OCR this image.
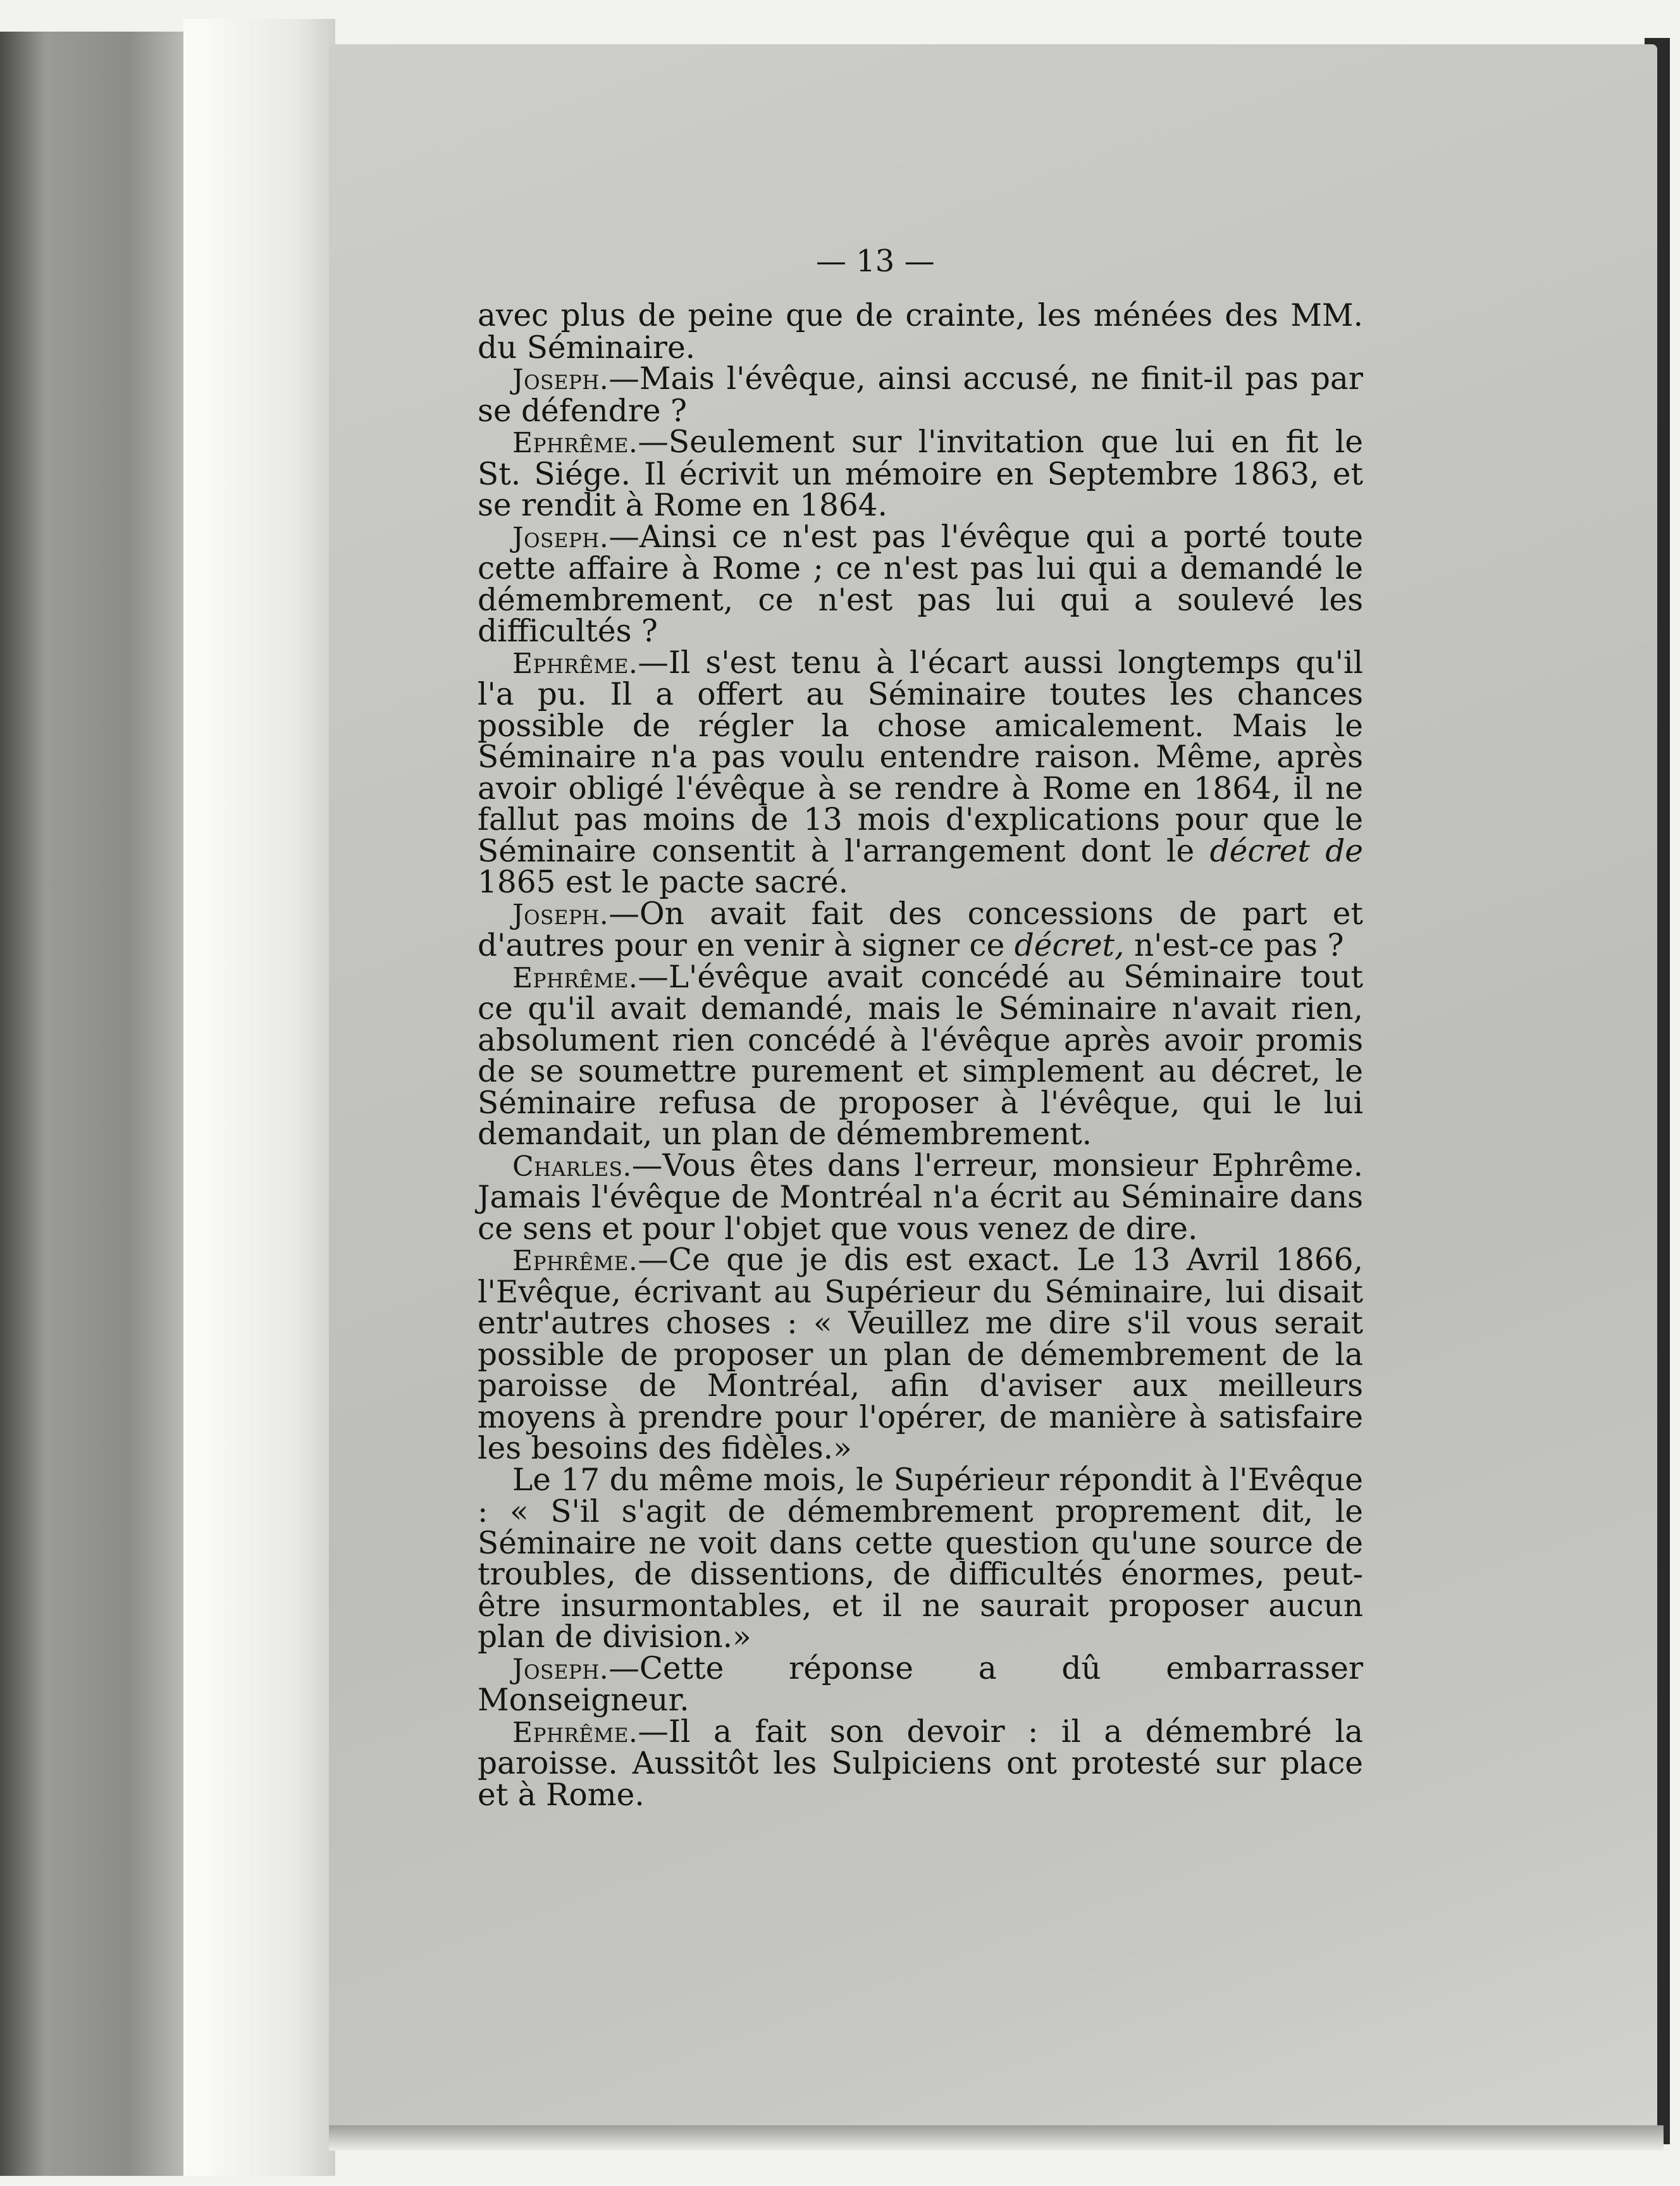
— 13 —

avec plus de peine que de crainte, les ménées des MM. du Séminaire.

Joseph.—Mais l'évêque, ainsi accusé, ne finit-il pas par se défendre ?

Ephrême.—Seulement sur l'invitation que lui en fit le St. Siége. Il écrivit un mémoire en Septembre 1863, et se rendit à Rome en 1864.

Joseph.—Ainsi ce n'est pas l'évêque qui a porté toute cette affaire à Rome ; ce n'est pas lui qui a demandé le démembrement, ce n'est pas lui qui a soulevé les difficultés ?

Ephrême.—Il s'est tenu à l'écart aussi longtemps qu'il l'a pu. Il a offert au Séminaire toutes les chances possible de régler la chose amicalement. Mais le Séminaire n'a pas voulu entendre raison. Même, après avoir obligé l'évêque à se rendre à Rome en 1864, il ne fallut pas moins de 13 mois d'explications pour que le Séminaire consentit à l'arrangement dont le décret de 1865 est le pacte sacré.

Joseph.—On avait fait des concessions de part et d'autres pour en venir à signer ce décret, n'est-ce pas ?

Ephrême.—L'évêque avait concédé au Séminaire tout ce qu'il avait demandé, mais le Séminaire n'avait rien, absolument rien concédé à l'évêque après avoir promis de se soumettre purement et simplement au décret, le Séminaire refusa de proposer à l'évêque, qui le lui demandait, un plan de démembrement.

Charles.—Vous êtes dans l'erreur, monsieur Ephrême. Jamais l'évêque de Montréal n'a écrit au Séminaire dans ce sens et pour l'objet que vous venez de dire.

Ephrême.—Ce que je dis est exact. Le 13 Avril 1866, l'Evêque, écrivant au Supérieur du Séminaire, lui disait entr'autres choses : « Veuillez me dire s'il vous serait possible de proposer un plan de démembrement de la paroisse de Montréal, afin d'aviser aux meilleurs moyens à prendre pour l'opérer, de manière à satisfaire les besoins des fidèles.»

Le 17 du même mois, le Supérieur répondit à l'Evêque : « S'il s'agit de démembrement proprement dit, le Séminaire ne voit dans cette question qu'une source de troubles, de dissentions, de difficultés énormes, peut-être insurmontables, et il ne saurait proposer aucun plan de division.»

Joseph.—Cette réponse a dû embarrasser Monseigneur.

Ephrême.—Il a fait son devoir : il a démembré la paroisse. Aussitôt les Sulpiciens ont protesté sur place et à Rome.
